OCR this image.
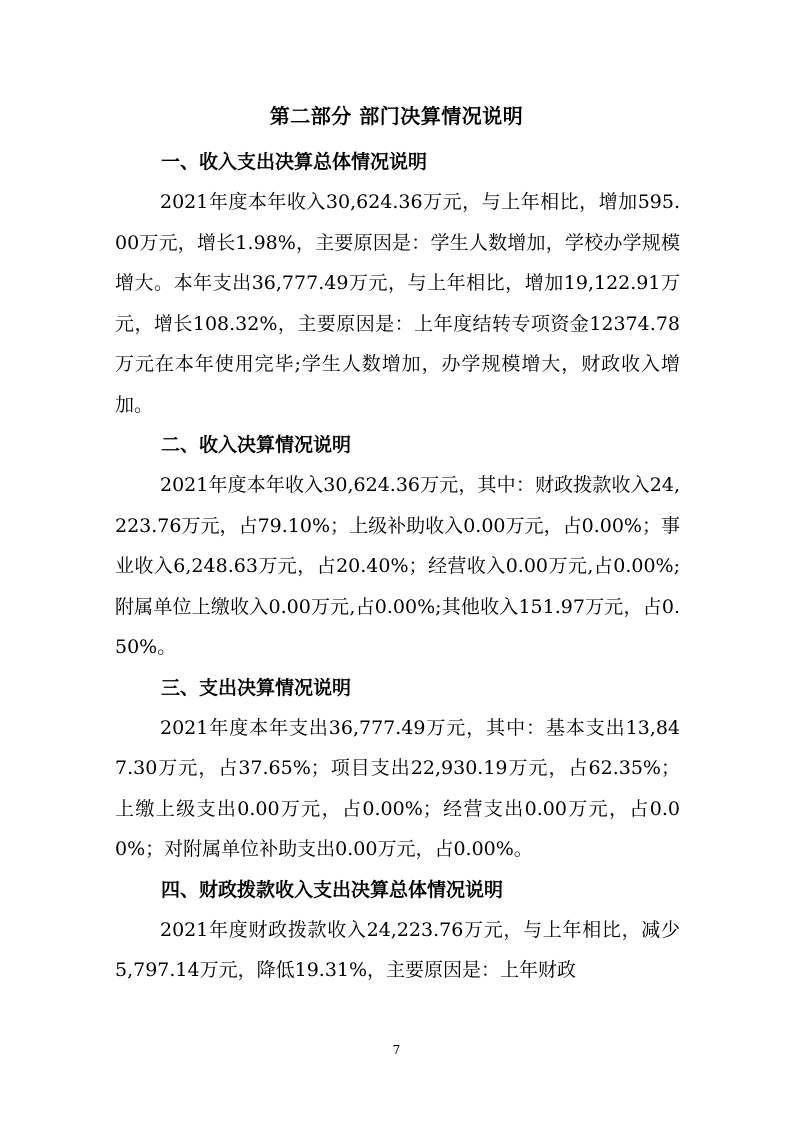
第二部分 部门决算情况说明

一、收入支出决算总体情况说明

2021年度本年收入30,624.36万元，与上年相比，增加595.00万元，增长1.98%，主要原因是：学生人数增加，学校办学规模增大。本年支出36,777.49万元，与上年相比，增加19,122.91万元，增长108.32%，主要原因是：上年度结转专项资金12374.78万元在本年使用完毕;学生人数增加，办学规模增大，财政收入增加。

二、收入决算情况说明

2021年度本年收入30,624.36万元，其中：财政拨款收入24,223.76万元，占79.10%；上级补助收入0.00万元，占0.00%；事业收入6,248.63万元，占20.40%；经营收入0.00万元,占0.00%;附属单位上缴收入0.00万元,占0.00%;其他收入151.97万元，占0.50%。

三、支出决算情况说明

2021年度本年支出36,777.49万元，其中：基本支出13,847.30万元，占37.65%；项目支出22,930.19万元，占62.35%；上缴上级支出0.00万元，占0.00%；经营支出0.00万元，占0.00%；对附属单位补助支出0.00万元，占0.00%。

四、财政拨款收入支出决算总体情况说明

2021年度财政拨款收入24,223.76万元，与上年相比，减少5,797.14万元，降低19.31%，主要原因是：上年财政

7
